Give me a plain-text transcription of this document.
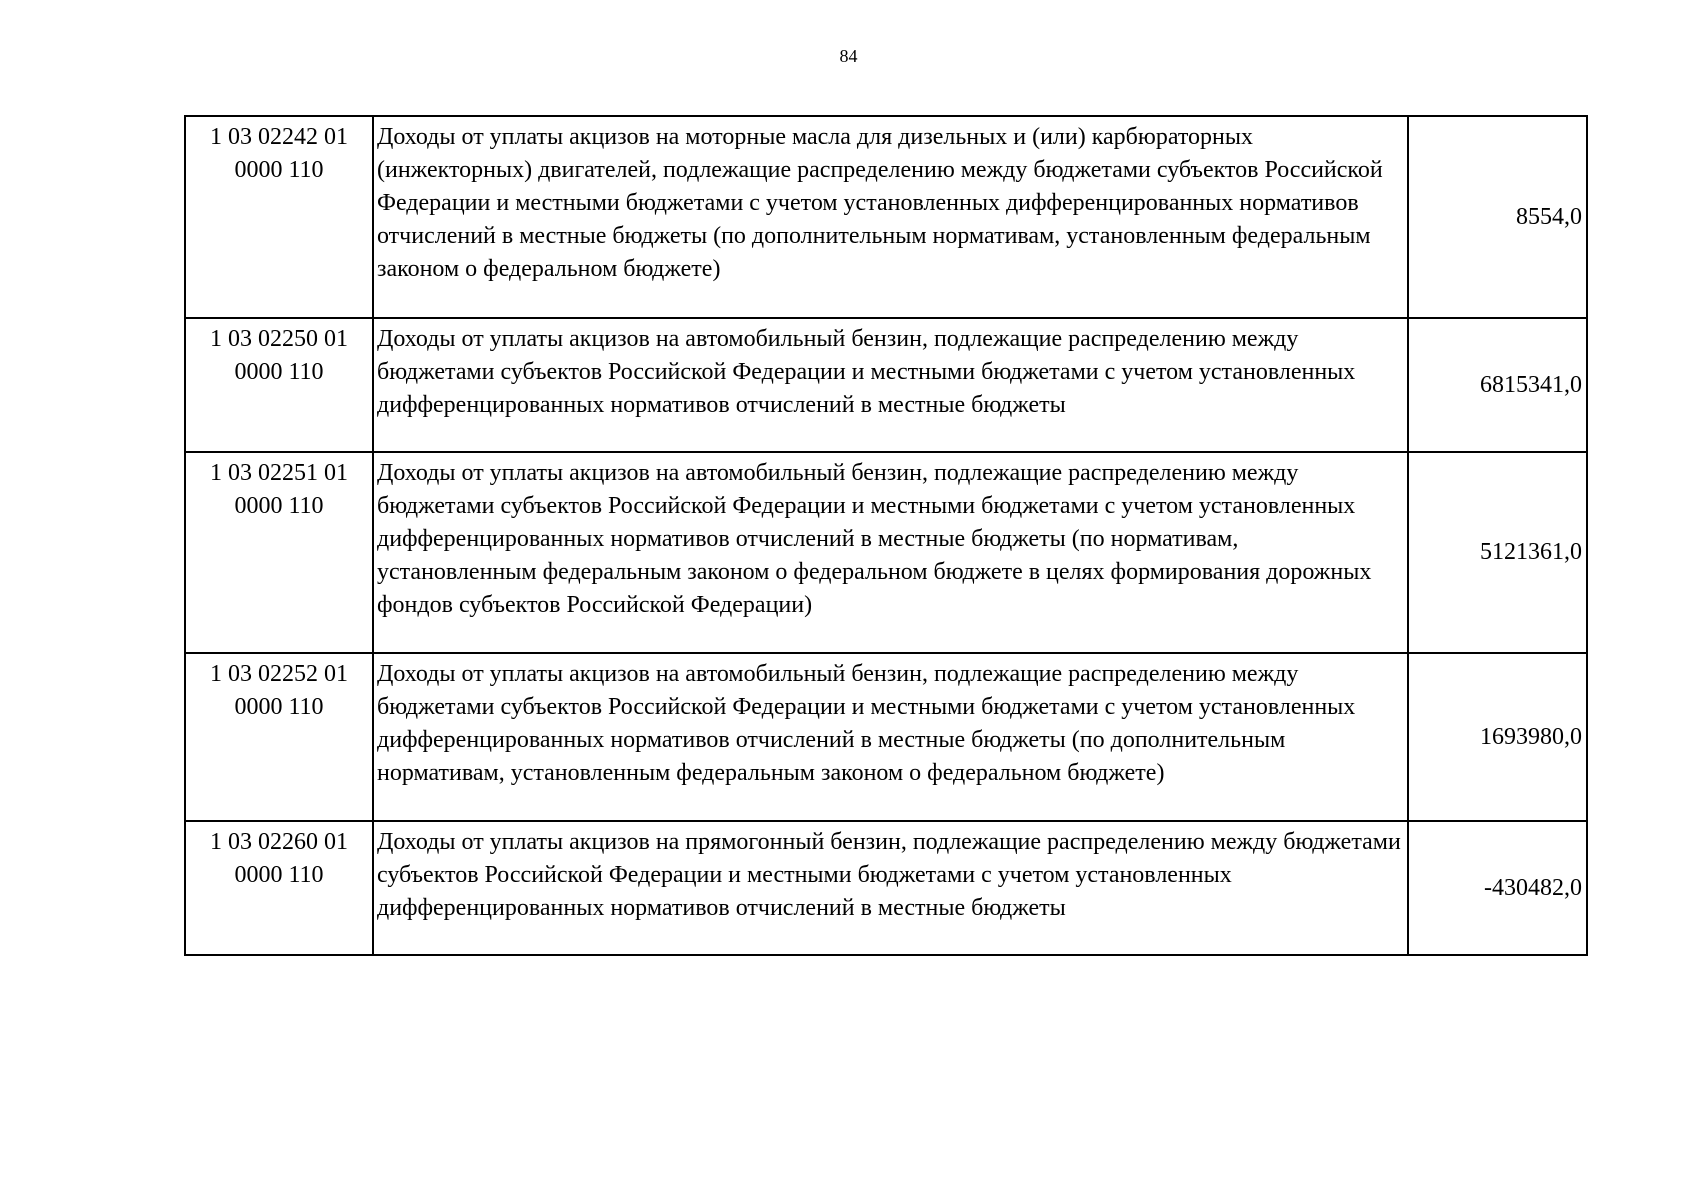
84
1 03 02242 01
0000 110	Доходы от уплаты акцизов на моторные масла для дизельных и (или) карбюраторных (инжекторных) двигателей, подлежащие распределению между бюджетами субъектов Российской Федерации и местными бюджетами с учетом установленных дифференцированных нормативов отчислений в местные бюджеты (по дополнительным нормативам, установленным федеральным законом о федеральном бюджете)	8554,0

1 03 02250 01
0000 110	Доходы от уплаты акцизов на автомобильный бензин, подлежащие распределению между бюджетами субъектов Российской Федерации и местными бюджетами с учетом установленных дифференцированных нормативов отчислений в местные бюджеты	6815341,0

1 03 02251 01
0000 110	Доходы от уплаты акцизов на автомобильный бензин, подлежащие распределению между бюджетами субъектов Российской Федерации и местными бюджетами с учетом установленных дифференцированных нормативов отчислений в местные бюджеты (по нормативам, установленным федеральным законом о федеральном бюджете в целях формирования дорожных фондов субъектов Российской Федерации)	5121361,0

1 03 02252 01
0000 110	Доходы от уплаты акцизов на автомобильный бензин, подлежащие распределению между бюджетами субъектов Российской Федерации и местными бюджетами с учетом установленных дифференцированных нормативов отчислений в местные бюджеты (по дополнительным нормативам, установленным федеральным законом о федеральном бюджете)	1693980,0

1 03 02260 01
0000 110	Доходы от уплаты акцизов на прямогонный бензин, подлежащие распределению между бюджетами субъектов Российской Федерации и местными бюджетами с учетом установленных дифференцированных нормативов отчислений в местные бюджеты	-430482,0
